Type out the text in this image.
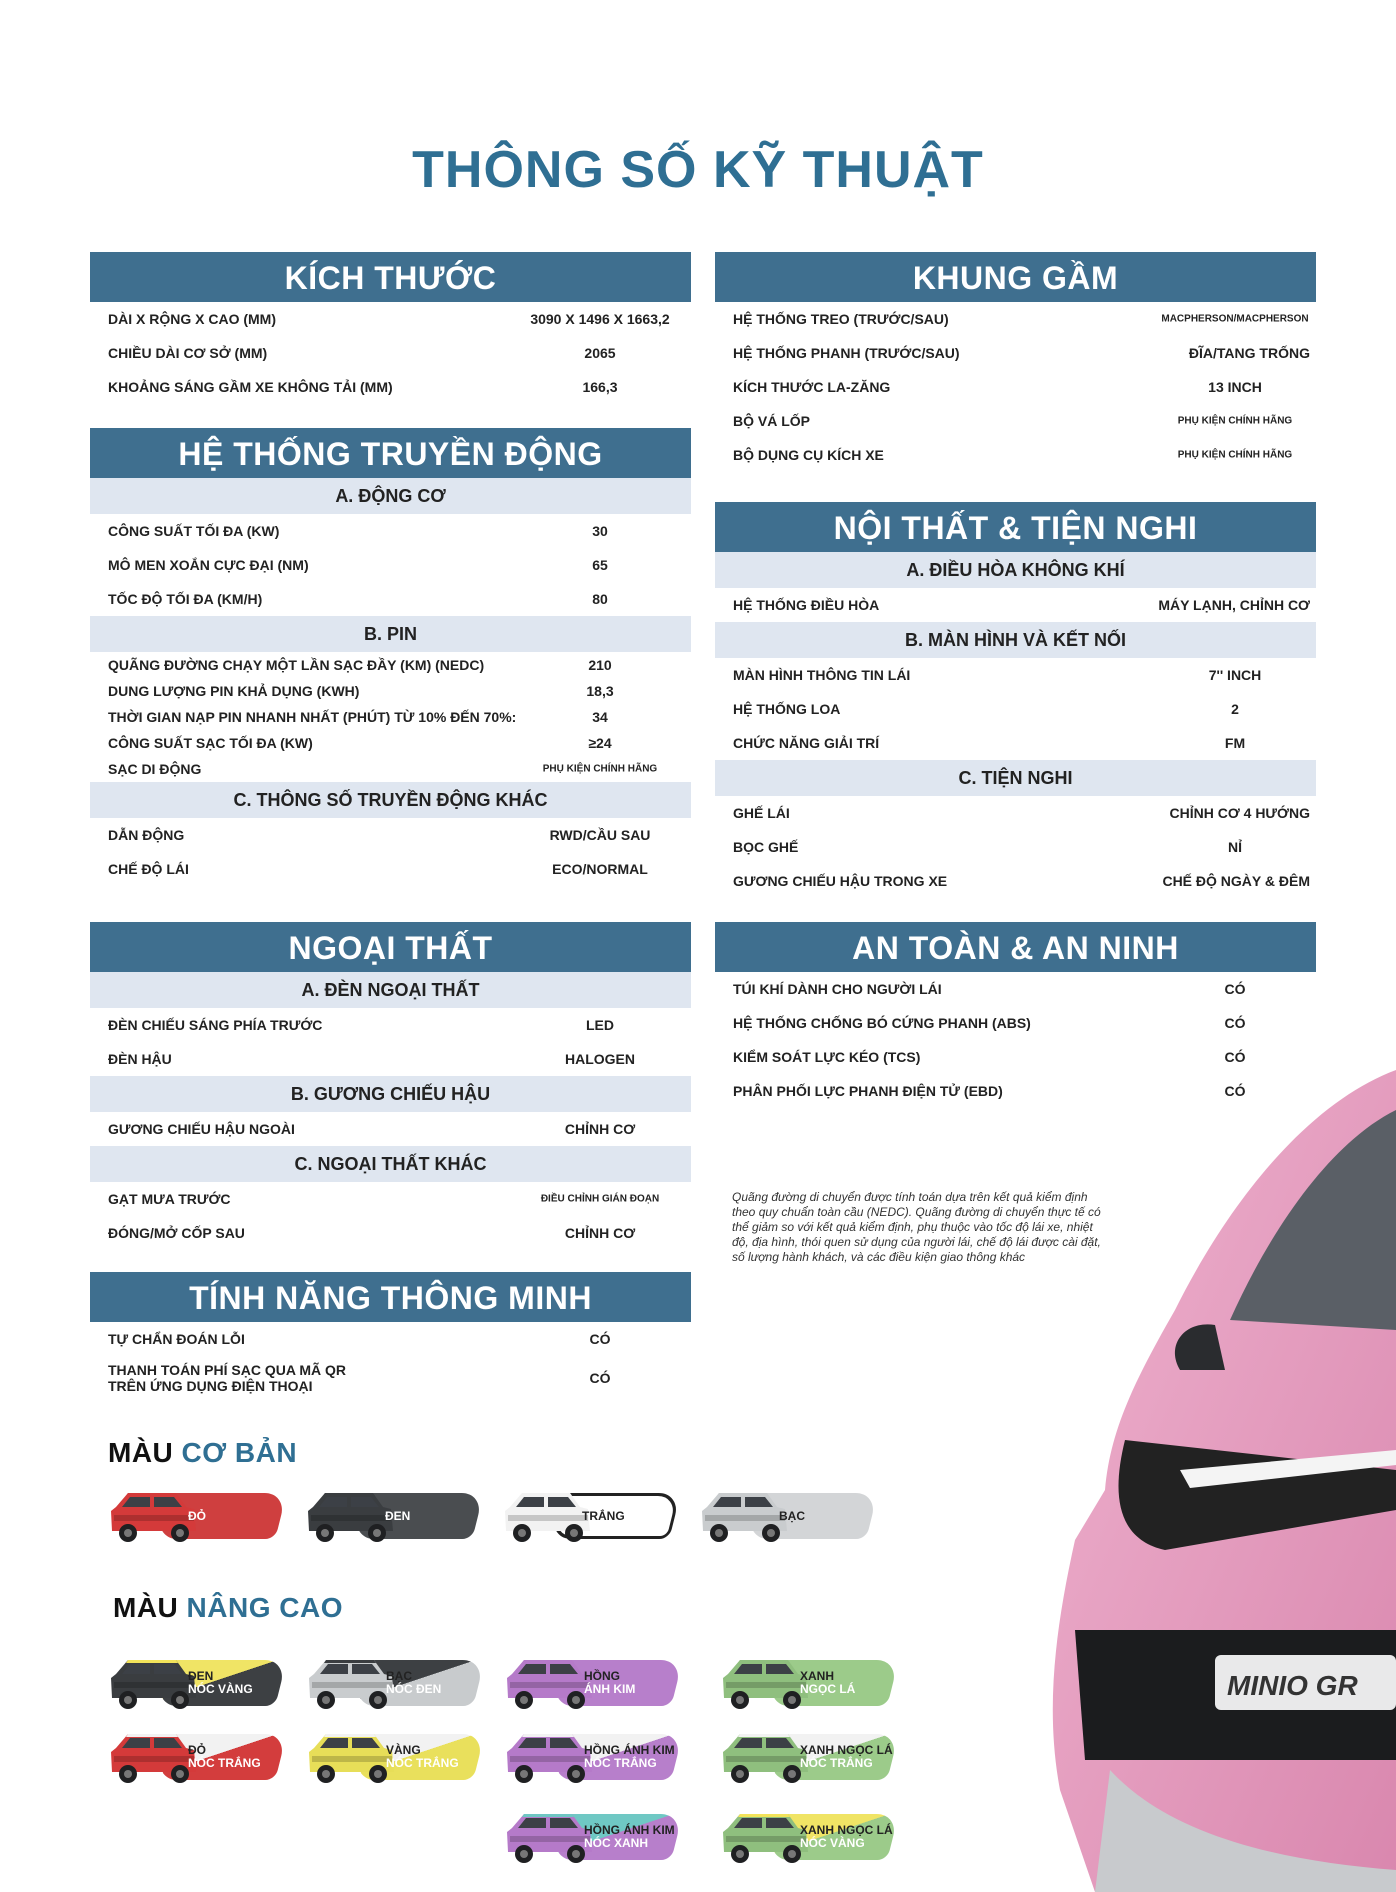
THÔNG SỐ KỸ THUẬT
KÍCH THƯỚC
DÀI X RỘNG X CAO (MM)	3090 X 1496 X 1663,2
CHIỀU DÀI CƠ SỞ (MM)	2065
KHOẢNG SÁNG GẦM XE KHÔNG TẢI (MM)	166,3
HỆ THỐNG TRUYỀN ĐỘNG
A. ĐỘNG CƠ
CÔNG SUẤT TỐI ĐA (KW)	30
MÔ MEN XOẮN CỰC ĐẠI (NM)	65
TỐC ĐỘ TỐI ĐA (KM/H)	80
B. PIN
QUÃNG ĐƯỜNG CHẠY MỘT LẦN SẠC ĐẦY (KM) (NEDC)	210
DUNG LƯỢNG PIN KHẢ DỤNG (KWH)	18,3
THỜI GIAN NẠP PIN NHANH NHẤT (PHÚT) TỪ 10% ĐẾN 70%:	34
CÔNG SUẤT SẠC TỐI ĐA (KW)	≥24
SẠC DI ĐỘNG	PHỤ KIỆN CHÍNH HÃNG
C. THÔNG SỐ TRUYỀN ĐỘNG KHÁC
DẪN ĐỘNG	RWD/CẦU SAU
CHẾ ĐỘ LÁI	ECO/NORMAL
NGOẠI THẤT
A. ĐÈN NGOẠI THẤT
ĐÈN CHIẾU SÁNG PHÍA TRƯỚC	LED
ĐÈN HẬU	HALOGEN
B. GƯƠNG CHIẾU HẬU
GƯƠNG CHIẾU HẬU NGOÀI	CHỈNH CƠ
C. NGOẠI THẤT KHÁC
GẠT MƯA TRƯỚC	ĐIỀU CHỈNH GIÁN ĐOẠN
ĐÓNG/MỞ CỐP SAU	CHỈNH CƠ
TÍNH NĂNG THÔNG MINH
TỰ CHẨN ĐOÁN LỖI	CÓ
THANH TOÁN PHÍ SẠC QUA MÃ QR TRÊN ỨNG DỤNG ĐIỆN THOẠI	CÓ
KHUNG GẦM
HỆ THỐNG TREO (TRƯỚC/SAU)	MACPHERSON/MACPHERSON
HỆ THỐNG PHANH (TRƯỚC/SAU)	ĐĨA/TANG TRỐNG
KÍCH THƯỚC LA-ZĂNG	13 INCH
BỘ VÁ LỐP	PHỤ KIỆN CHÍNH HÃNG
BỘ DỤNG CỤ KÍCH XE	PHỤ KIỆN CHÍNH HÃNG
NỘI THẤT & TIỆN NGHI
A. ĐIỀU HÒA KHÔNG KHÍ
HỆ THỐNG ĐIỀU HÒA	MÁY LẠNH, CHỈNH CƠ
B. MÀN HÌNH VÀ KẾT NỐI
MÀN HÌNH THÔNG TIN LÁI	7'' INCH
HỆ THỐNG LOA	2
CHỨC NĂNG GIẢI TRÍ	FM
C. TIỆN NGHI
GHẾ LÁI	CHỈNH CƠ 4 HƯỚNG
BỌC GHẾ	NỈ
GƯƠNG CHIẾU HẬU TRONG XE	CHẾ ĐỘ NGÀY & ĐÊM
AN TOÀN & AN NINH
TÚI KHÍ DÀNH CHO NGƯỜI LÁI	CÓ
HỆ THỐNG CHỐNG BÓ CỨNG PHANH (ABS)	CÓ
KIỂM SOÁT LỰC KÉO (TCS)	CÓ
PHÂN PHỐI LỰC PHANH ĐIỆN TỬ (EBD)	CÓ
Quãng đường di chuyển được tính toán dựa trên kết quả kiểm định theo quy chuẩn toàn cầu (NEDC). Quãng đường di chuyển thực tế có thể giảm so với kết quả kiểm định, phụ thuộc vào tốc độ lái xe, nhiệt độ, địa hình, thói quen sử dụng của người lái, chế độ lái được cài đặt, số lượng hành khách, và các điều kiện giao thông khác
MINIO GR
MÀU CƠ BẢN
ĐỎ	ĐEN	TRẮNG	BẠC
MÀU NÂNG CAO
ĐEN
NÓC VÀNG
BẠC
NÓC ĐEN
HỒNG
ÁNH KIM
XANH
NGỌC LÁ
ĐỎ
NÓC TRẮNG
VÀNG
NÓC TRẮNG
HỒNG ÁNH KIM
NÓC TRẮNG
XANH NGỌC LÁ
NÓC TRẮNG
HỒNG ÁNH KIM
NÓC XANH
XANH NGỌC LÁ
NÓC VÀNG
